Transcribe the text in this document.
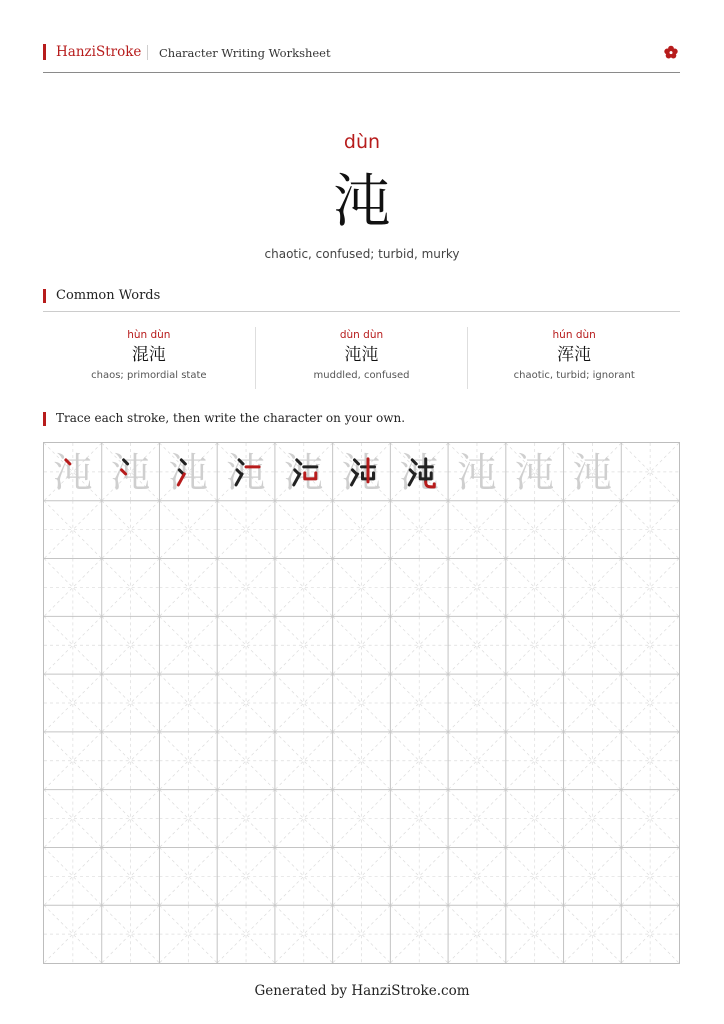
HanziStroke Character Writing Worksheet
dùn
沌
chaotic, confused; turbid, murky
Common Words
hùn dùn
混沌
chaos; primordial state
dùn dùn
沌沌
muddled, confused
hún dùn
浑沌
chaotic, turbid; ignorant
Trace each stroke, then write the character on your own.
沌 沌 沌 沌 沌 沌 沌 沌 沌 沌
Generated by HanziStroke.com
